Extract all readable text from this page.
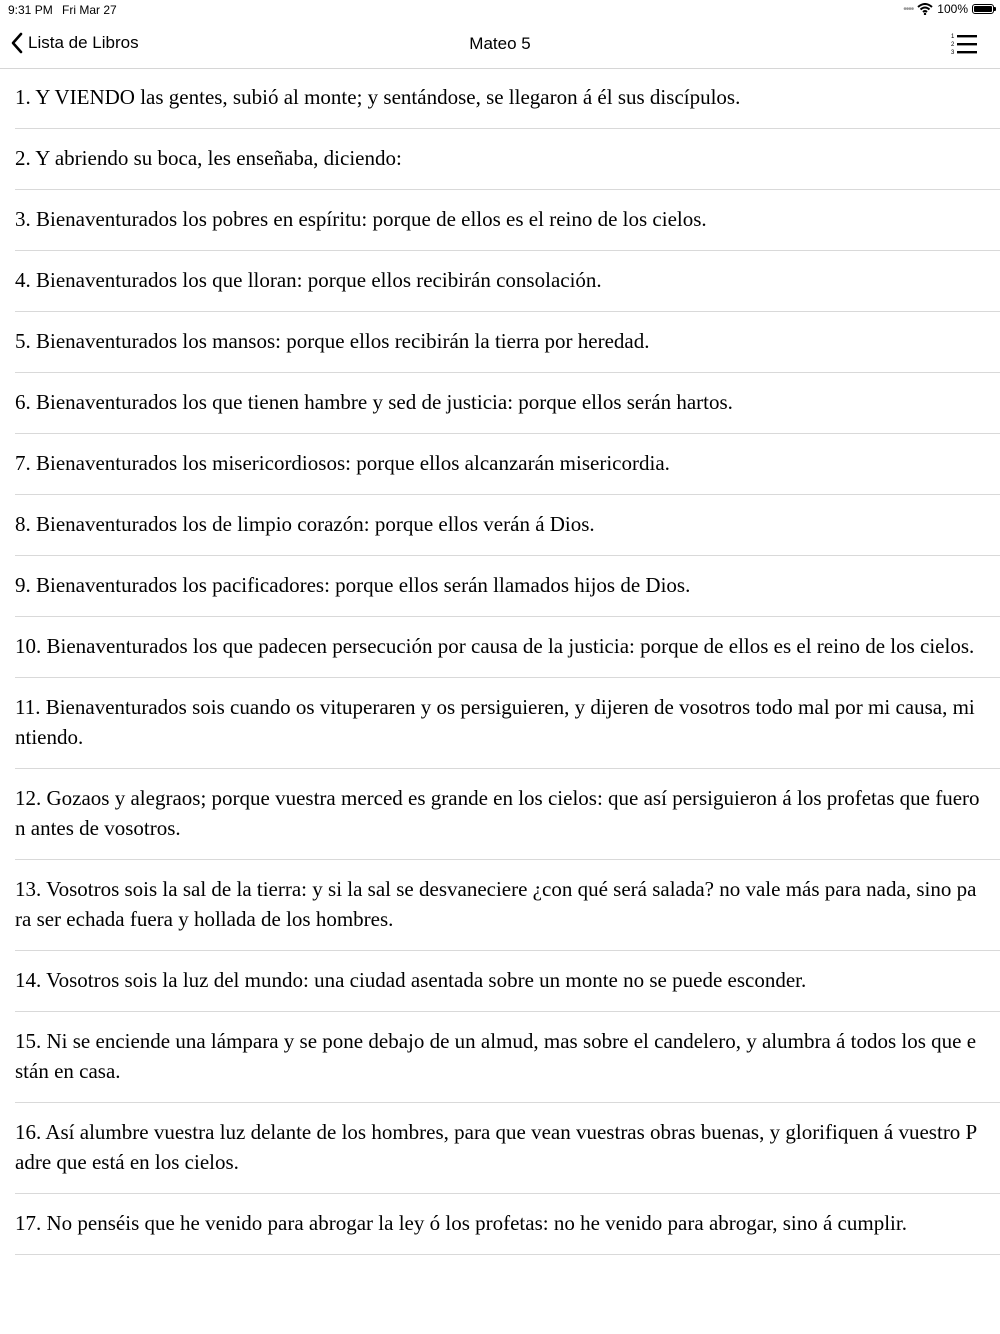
9:31 PM Fri Mar 27	•••• 100%
Lista de Libros	Mateo 5	1
2
3
1. Y VIENDO las gentes, subió al monte; y sentándose, se llegaron á él sus discípulos.
2. Y abriendo su boca, les enseñaba, diciendo:
3. Bienaventurados los pobres en espíritu: porque de ellos es el reino de los cielos.
4. Bienaventurados los que lloran: porque ellos recibirán consolación.
5. Bienaventurados los mansos: porque ellos recibirán la tierra por heredad.
6. Bienaventurados los que tienen hambre y sed de justicia: porque ellos serán hartos.
7. Bienaventurados los misericordiosos: porque ellos alcanzarán misericordia.
8. Bienaventurados los de limpio corazón: porque ellos verán á Dios.
9. Bienaventurados los pacificadores: porque ellos serán llamados hijos de Dios.
10. Bienaventurados los que padecen persecución por causa de la justicia: porque de ellos es el reino de los cielos.
11. Bienaventurados sois cuando os vituperaren y os persiguieren, y dijeren de vosotros todo mal por mi causa, mintiendo.
12. Gozaos y alegraos; porque vuestra merced es grande en los cielos: que así persiguieron á los profetas que fueron antes de vosotros.
13. Vosotros sois la sal de la tierra: y si la sal se desvaneciere ¿con qué será salada? no vale más para nada, sino para ser echada fuera y hollada de los hombres.
14. Vosotros sois la luz del mundo: una ciudad asentada sobre un monte no se puede esconder.
15. Ni se enciende una lámpara y se pone debajo de un almud, mas sobre el candelero, y alumbra á todos los que están en casa.
16. Así alumbre vuestra luz delante de los hombres, para que vean vuestras obras buenas, y glorifiquen á vuestro Padre que está en los cielos.
17. No penséis que he venido para abrogar la ley ó los profetas: no he venido para abrogar, sino á cumplir.
